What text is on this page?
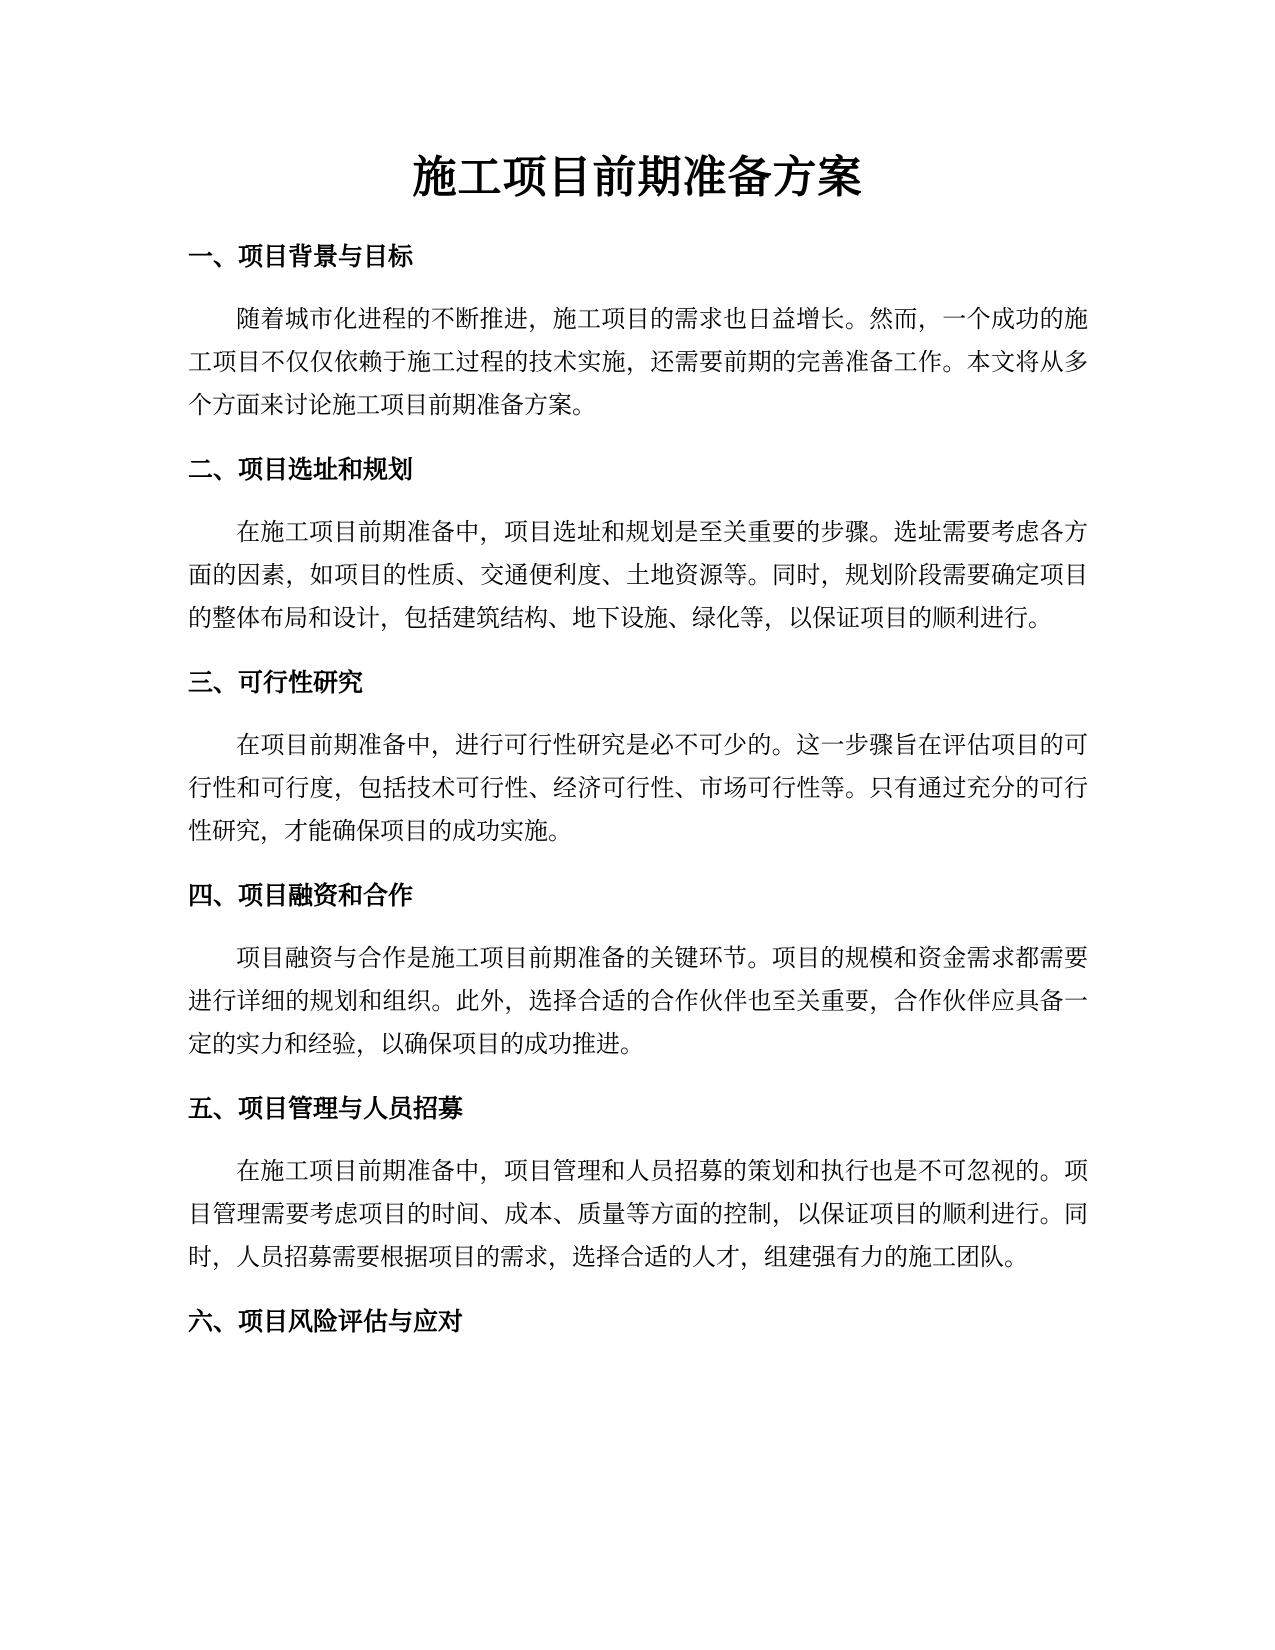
施工项目前期准备方案
一、项目背景与目标

随着城市化进程的不断推进，施工项目的需求也日益增长。然而，一个成功的施工项目不仅仅依赖于施工过程的技术实施，还需要前期的完善准备工作。本文将从多个方面来讨论施工项目前期准备方案。

二、项目选址和规划

在施工项目前期准备中，项目选址和规划是至关重要的步骤。选址需要考虑各方面的因素，如项目的性质、交通便利度、土地资源等。同时，规划阶段需要确定项目的整体布局和设计，包括建筑结构、地下设施、绿化等，以保证项目的顺利进行。

三、可行性研究

在项目前期准备中，进行可行性研究是必不可少的。这一步骤旨在评估项目的可行性和可行度，包括技术可行性、经济可行性、市场可行性等。只有通过充分的可行性研究，才能确保项目的成功实施。

四、项目融资和合作

项目融资与合作是施工项目前期准备的关键环节。项目的规模和资金需求都需要进行详细的规划和组织。此外，选择合适的合作伙伴也至关重要，合作伙伴应具备一定的实力和经验，以确保项目的成功推进。

五、项目管理与人员招募

在施工项目前期准备中，项目管理和人员招募的策划和执行也是不可忽视的。项目管理需要考虑项目的时间、成本、质量等方面的控制，以保证项目的顺利进行。同时，人员招募需要根据项目的需求，选择合适的人才，组建强有力的施工团队。

六、项目风险评估与应对
